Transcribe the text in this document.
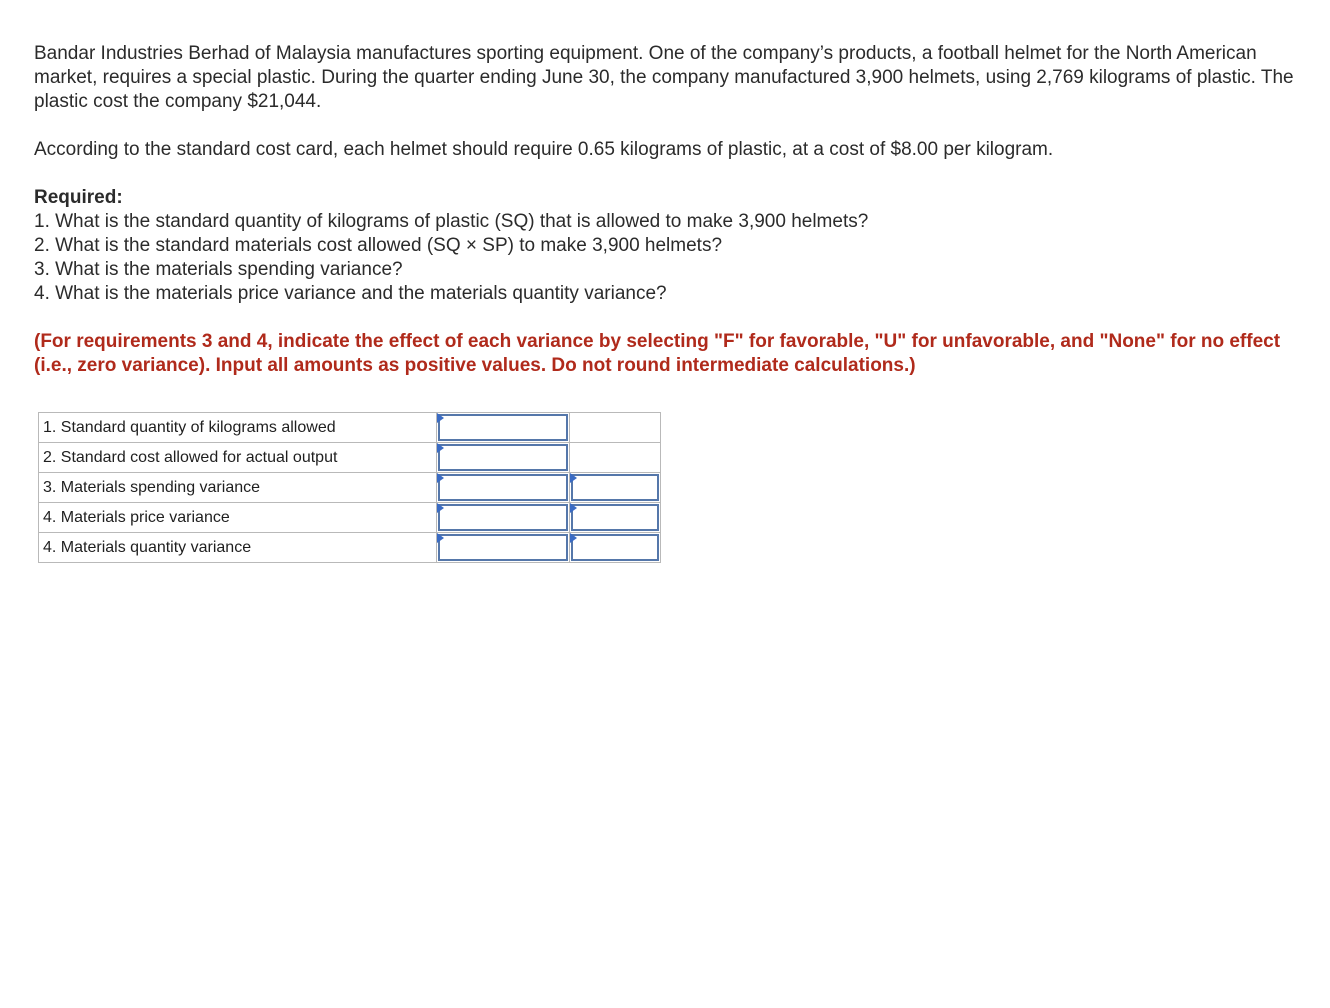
Bandar Industries Berhad of Malaysia manufactures sporting equipment. One of the company’s products, a football helmet for the North American market, requires a special plastic. During the quarter ending June 30, the company manufactured 3,900 helmets, using 2,769 kilograms of plastic. The plastic cost the company $21,044.

According to the standard cost card, each helmet should require 0.65 kilograms of plastic, at a cost of $8.00 per kilogram.

Required:

1. What is the standard quantity of kilograms of plastic (SQ) that is allowed to make 3,900 helmets?
2. What is the standard materials cost allowed (SQ × SP) to make 3,900 helmets?
3. What is the materials spending variance?
4. What is the materials price variance and the materials quantity variance?

(For requirements 3 and 4, indicate the effect of each variance by selecting "F" for favorable, "U" for unfavorable, and "None" for no effect (i.e., zero variance). Input all amounts as positive values. Do not round intermediate calculations.)

1. Standard quantity of kilograms allowed	

2. Standard cost allowed for actual output	

3. Materials spending variance	

4. Materials price variance	

4. Materials quantity variance	
